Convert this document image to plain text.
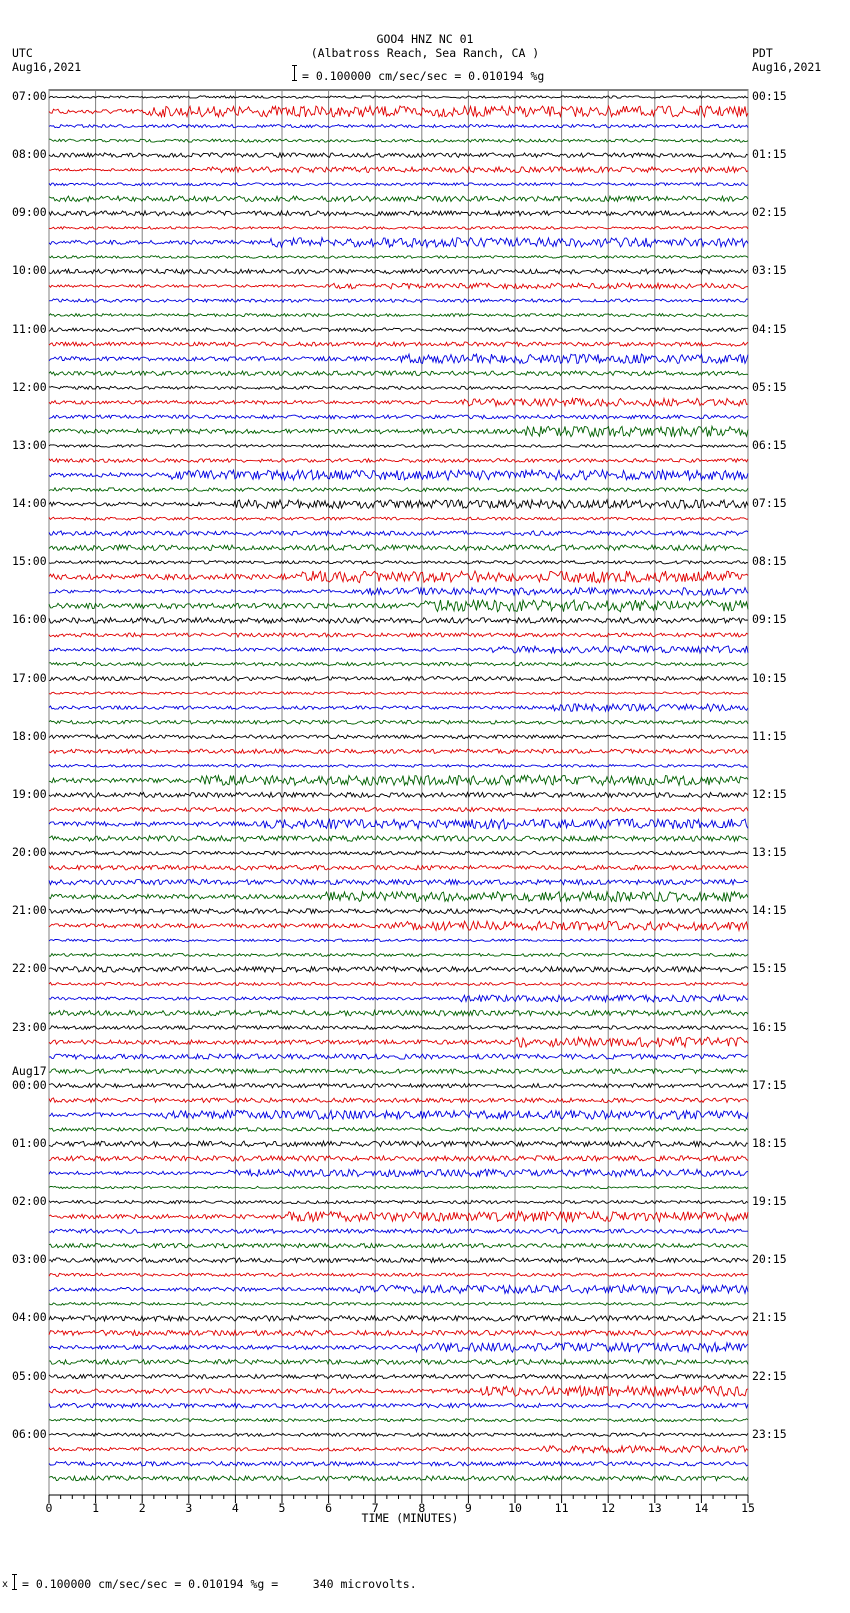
GOO4 HNZ NC 01
(Albatross Reach, Sea Ranch, CA )
= 0.100000 cm/sec/sec = 0.010194 %g
UTC
Aug16,2021
PDT
Aug16,2021
0	1	2	3	4	5	6	7	8	9	10	11	12	13	14	15
07:00
08:00
09:00
10:00
11:00
12:00
13:00
14:00
15:00
16:00
17:00
18:00
19:00
20:00
21:00
22:00
23:00
00:00
01:00
02:00
03:00
04:00
05:00
06:00
Aug17
00:15
01:15
02:15
03:15
04:15
05:15
06:15
07:15
08:15
09:15
10:15
11:15
12:15
13:15
14:15
15:15
16:15
17:15
18:15
19:15
20:15
21:15
22:15
23:15
TIME (MINUTES)
x = 0.100000 cm/sec/sec = 0.010194 %g =     340 microvolts.
